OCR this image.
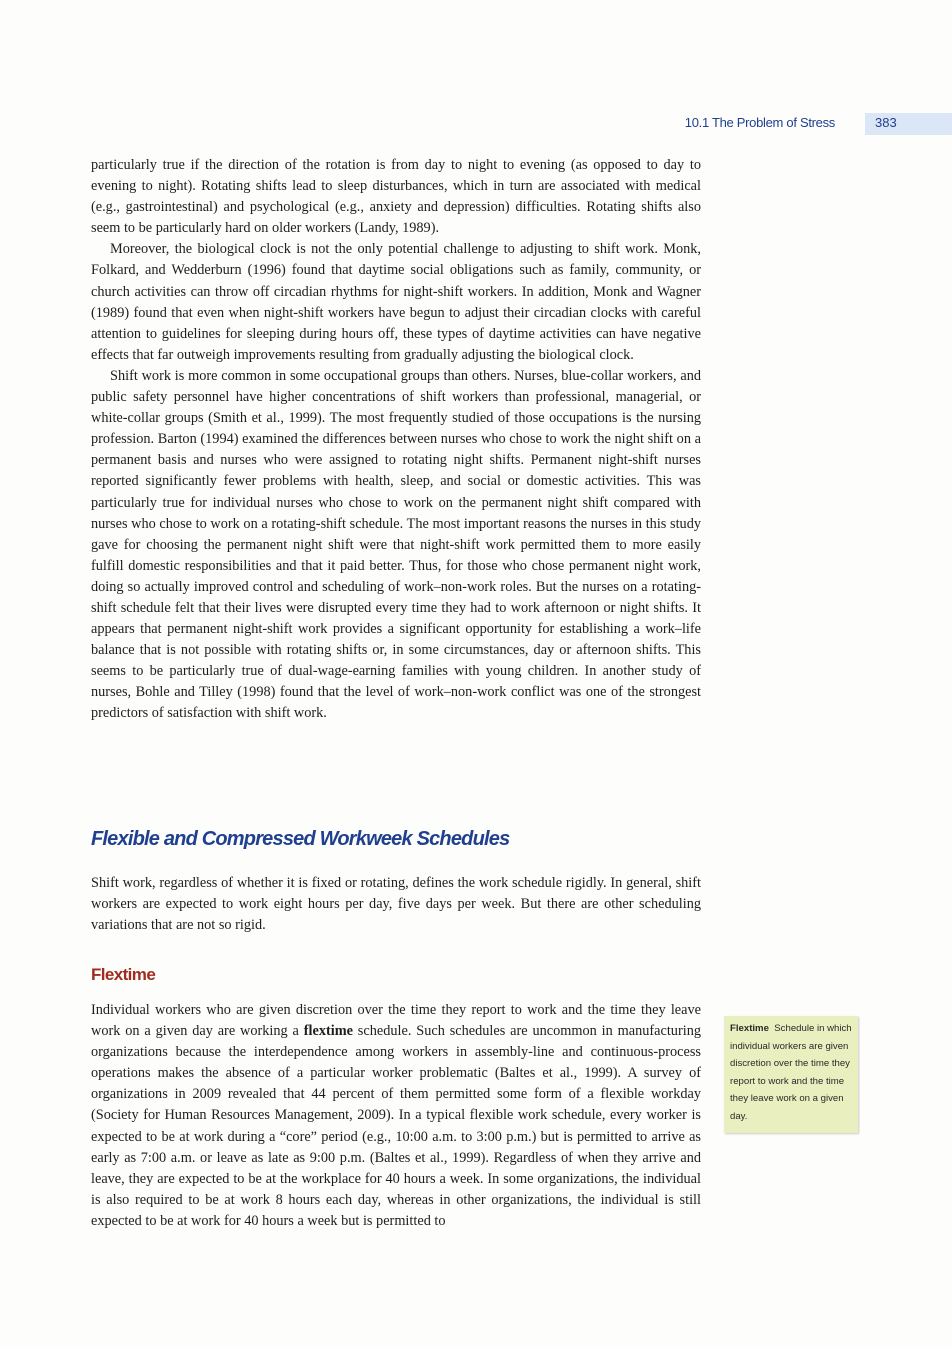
10.1 The Problem of Stress	383

particularly true if the direction of the rotation is from day to night to evening (as opposed to day to evening to night). Rotating shifts lead to sleep disturbances, which in turn are associated with medical (e.g., gastrointestinal) and psychological (e.g., anxiety and depression) difficulties. Rotating shifts also seem to be particularly hard on older workers (Landy, 1989).

Moreover, the biological clock is not the only potential challenge to adjusting to shift work. Monk, Folkard, and Wedderburn (1996) found that daytime social obligations such as family, community, or church activities can throw off circadian rhythms for night-shift workers. In addition, Monk and Wagner (1989) found that even when night-shift workers have begun to adjust their circadian clocks with careful attention to guidelines for sleeping during hours off, these types of daytime activities can have negative effects that far outweigh improvements resulting from gradually adjusting the biological clock.

Shift work is more common in some occupational groups than others. Nurses, blue-collar workers, and public safety personnel have higher concentrations of shift workers than professional, managerial, or white-collar groups (Smith et al., 1999). The most frequently studied of those occupations is the nursing profession. Barton (1994) examined the differences between nurses who chose to work the night shift on a permanent basis and nurses who were assigned to rotating night shifts. Permanent night-shift nurses reported significantly fewer problems with health, sleep, and social or domestic activities. This was particularly true for individual nurses who chose to work on the permanent night shift compared with nurses who chose to work on a rotating-shift schedule. The most important reasons the nurses in this study gave for choosing the permanent night shift were that night-shift work permitted them to more easily fulfill domestic responsibilities and that it paid better. Thus, for those who chose permanent night work, doing so actually improved control and scheduling of work–non-work roles. But the nurses on a rotating-shift schedule felt that their lives were disrupted every time they had to work afternoon or night shifts. It appears that permanent night-shift work provides a significant opportunity for establishing a work–life balance that is not possible with rotating shifts or, in some circumstances, day or afternoon shifts. This seems to be particularly true of dual-wage-earning families with young children. In another study of nurses, Bohle and Tilley (1998) found that the level of work–non-work conflict was one of the strongest predictors of satisfaction with shift work.

Flexible and Compressed Workweek Schedules

Shift work, regardless of whether it is fixed or rotating, defines the work schedule rigidly. In general, shift workers are expected to work eight hours per day, five days per week. But there are other scheduling variations that are not so rigid.

Flextime

Individual workers who are given discretion over the time they report to work and the time they leave work on a given day are working a flextime schedule. Such schedules are uncommon in manufacturing organizations because the interdependence among workers in assembly-line and continuous-process operations makes the absence of a particular worker problematic (Baltes et al., 1999). A survey of organizations in 2009 revealed that 44 percent of them permitted some form of a flexible workday (Society for Human Resources Management, 2009). In a typical flexible work schedule, every worker is expected to be at work during a “core” period (e.g., 10:00 a.m. to 3:00 p.m.) but is permitted to arrive as early as 7:00 a.m. or leave as late as 9:00 p.m. (Baltes et al., 1999). Regardless of when they arrive and leave, they are expected to be at the workplace for 40 hours a week. In some organizations, the individual is also required to be at work 8 hours each day, whereas in other organizations, the individual is still expected to be at work for 40 hours a week but is permitted to

Flextime Schedule in which individual workers are given discretion over the time they report to work and the time they leave work on a given day.
